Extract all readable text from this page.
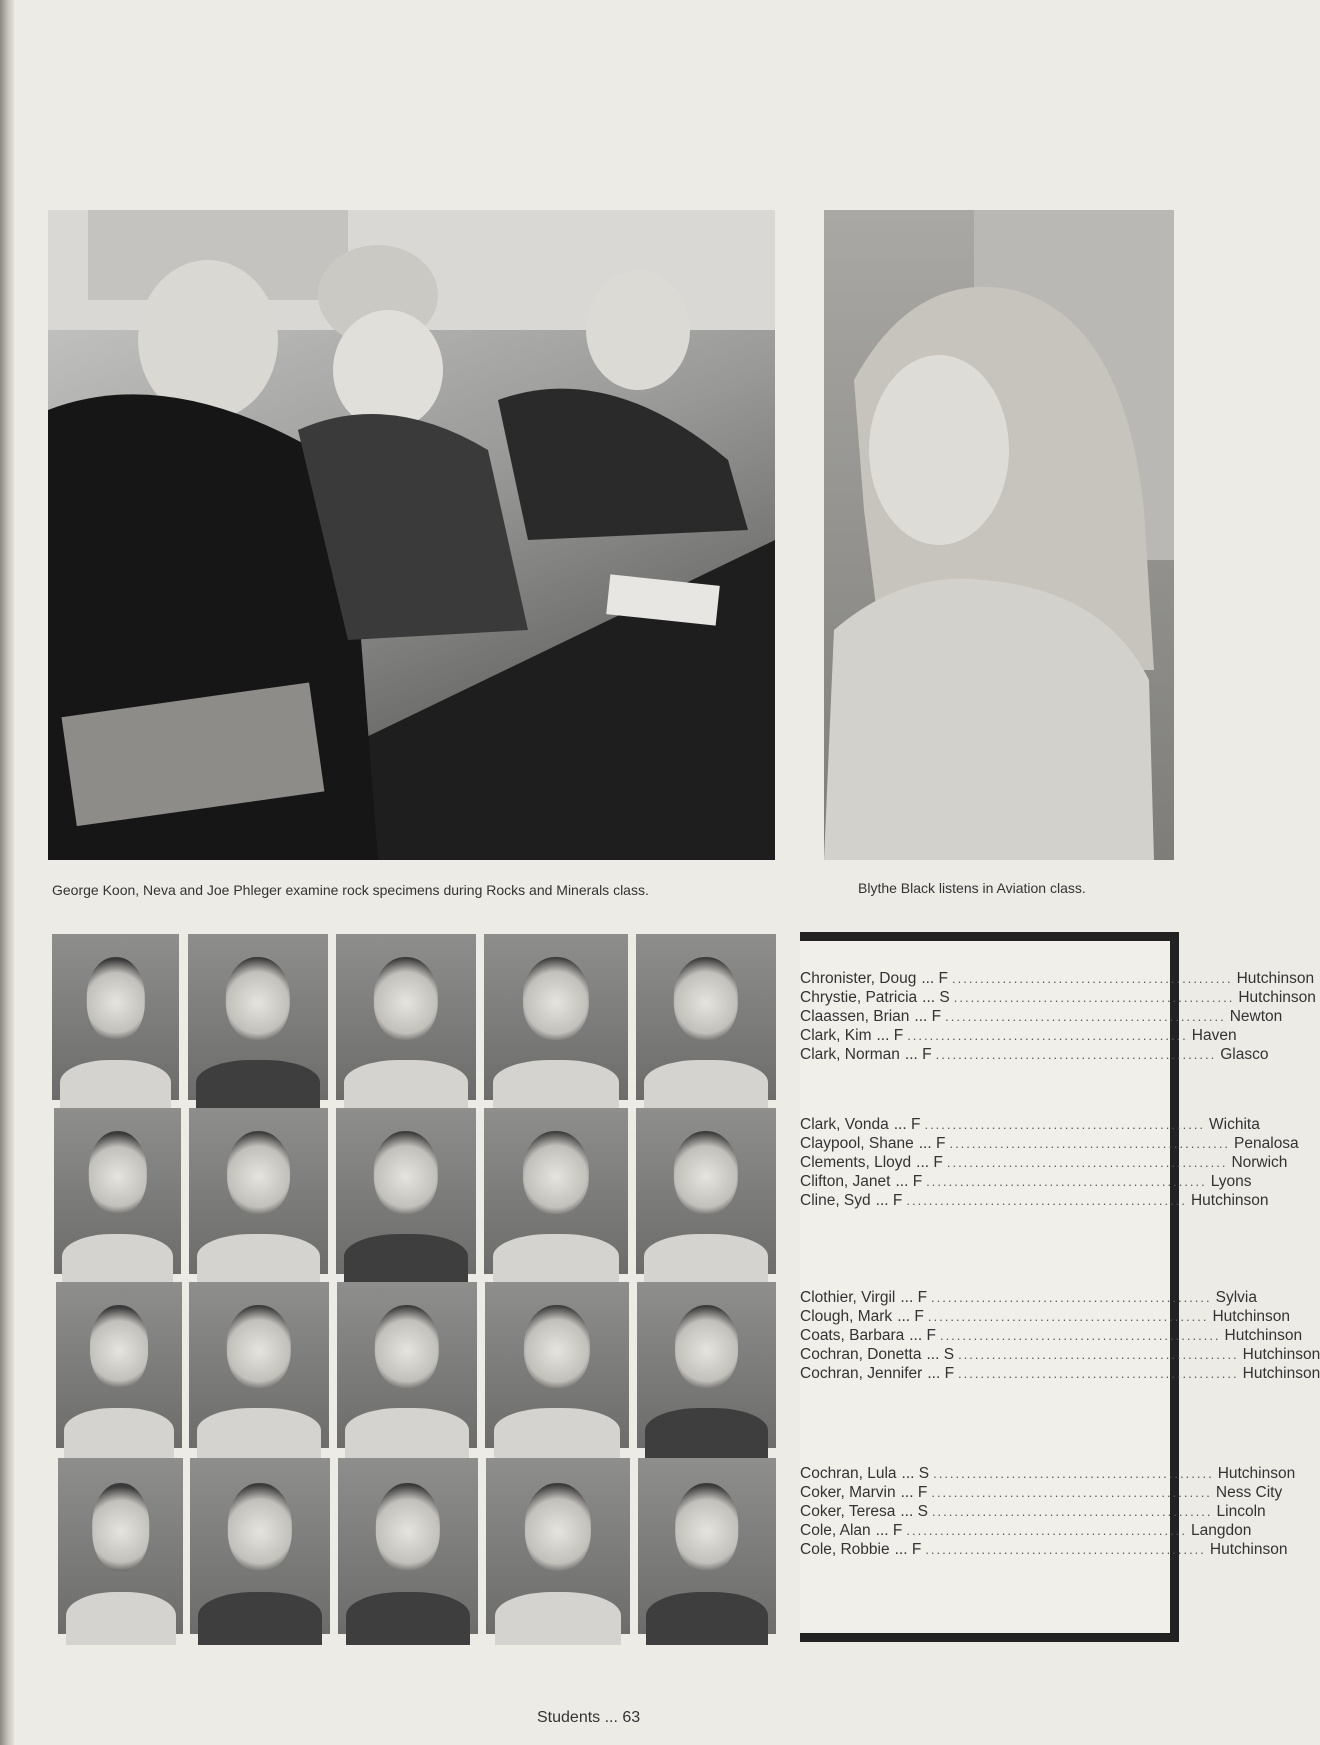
George Koon, Neva and Joe Phleger examine rock specimens during Rocks and Minerals class.	Blythe Black listens in Aviation class.
Chronister, Doug ... F .................................................. Hutchinson
Chrystie, Patricia ... S .................................................. Hutchinson
Claassen, Brian ... F .................................................. Newton
Clark, Kim ... F .................................................. Haven
Clark, Norman ... F .................................................. Glasco
Clark, Vonda ... F .................................................. Wichita
Claypool, Shane ... F .................................................. Penalosa
Clements, Lloyd ... F .................................................. Norwich
Clifton, Janet ... F .................................................. Lyons
Cline, Syd ... F .................................................. Hutchinson
Clothier, Virgil ... F .................................................. Sylvia
Clough, Mark ... F .................................................. Hutchinson
Coats, Barbara ... F .................................................. Hutchinson
Cochran, Donetta ... S .................................................. Hutchinson
Cochran, Jennifer ... F .................................................. Hutchinson
Cochran, Lula ... S .................................................. Hutchinson
Coker, Marvin ... F .................................................. Ness City
Coker, Teresa ... S .................................................. Lincoln
Cole, Alan ... F .................................................. Langdon
Cole, Robbie ... F .................................................. Hutchinson
Students ... 63
